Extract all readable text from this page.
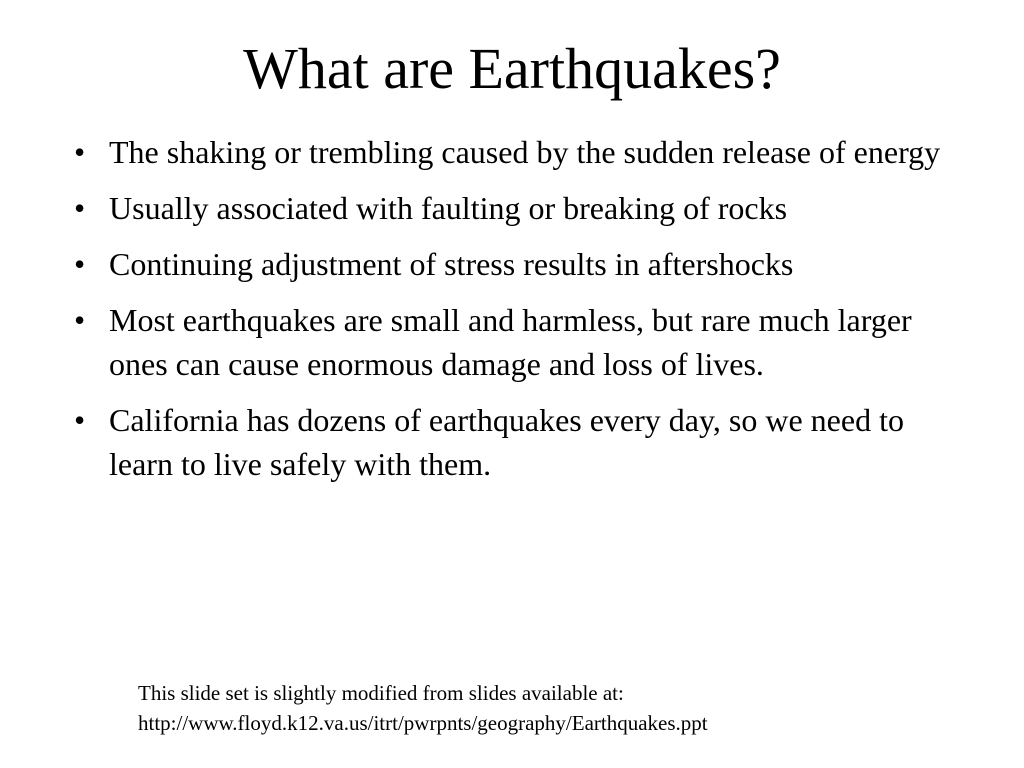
What are Earthquakes?
• The shaking or trembling caused by the sudden release of energy
• Usually associated with faulting or breaking of rocks
• Continuing adjustment of stress results in aftershocks
• Most earthquakes are small and harmless, but rare much larger ones can cause enormous damage and loss of lives.
• California has dozens of earthquakes every day, so we need to learn to live safely with them.
This slide set is slightly modified from slides available at:
http://www.floyd.k12.va.us/itrt/pwrpnts/geography/Earthquakes.ppt
